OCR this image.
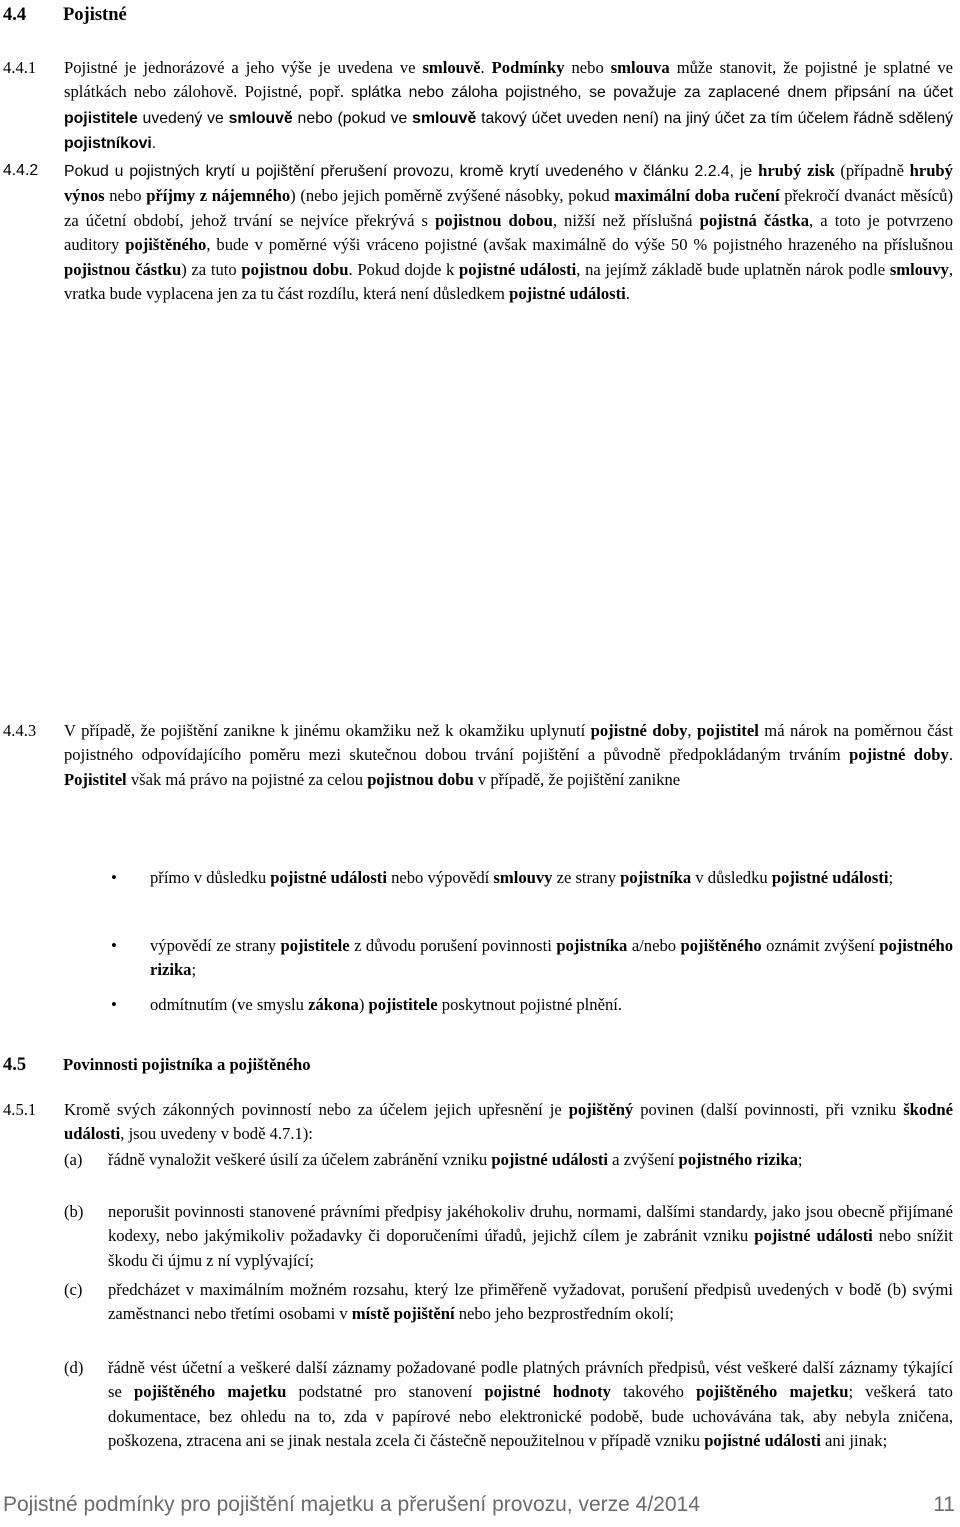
4.4 Pojistné
4.4.1 Pojistné je jednorázové a jeho výše je uvedena ve smlouvě. Podmínky nebo smlouva může stanovit, že pojistné je splatné ve splátkách nebo zálohově. Pojistné, popř. splátka nebo záloha pojistného, se považuje za zaplacené dnem připsání na účet pojistitele uvedený ve smlouvě nebo (pokud ve smlouvě takový účet uveden není) na jiný účet za tím účelem řádně sdělený pojistníkovi.
4.4.2 Pokud u pojistných krytí u pojištění přerušení provozu, kromě krytí uvedeného v článku 2.2.4, je hrubý zisk (případně hrubý výnos nebo příjmy z nájemného) (nebo jejich poměrně zvýšené násobky, pokud maximální doba ručení překročí dvanáct měsíců) za účetní období, jehož trvání se nejvíce překrývá s pojistnou dobou, nižší než příslušná pojistná částka, a toto je potvrzeno auditory pojištěného, bude v poměrné výši vráceno pojistné (avšak maximálně do výše 50 % pojistného hrazeného na příslušnou pojistnou částku) za tuto pojistnou dobu. Pokud dojde k pojistné události, na jejímž základě bude uplatněn nárok podle smlouvy, vratka bude vyplacena jen za tu část rozdílu, která není důsledkem pojistné události.
4.4.3 V případě, že pojištění zanikne k jinému okamžiku než k okamžiku uplynutí pojistné doby, pojistitel má nárok na poměrnou část pojistného odpovídajícího poměru mezi skutečnou dobou trvání pojištění a původně předpokládaným trváním pojistné doby. Pojistitel však má právo na pojistné za celou pojistnou dobu v případě, že pojištění zanikne
• přímo v důsledku pojistné události nebo výpovědí smlouvy ze strany pojistníka v důsledku pojistné události;
• výpovědí ze strany pojistitele z důvodu porušení povinnosti pojistníka a/nebo pojištěného oznámit zvýšení pojistného rizika;
• odmítnutím (ve smyslu zákona) pojistitele poskytnout pojistné plnění.
4.5 Povinnosti pojistníka a pojištěného
4.5.1 Kromě svých zákonných povinností nebo za účelem jejich upřesnění je pojištěný povinen (další povinnosti, při vzniku škodné události, jsou uvedeny v bodě 4.7.1):
(a) řádně vynaložit veškeré úsilí za účelem zabránění vzniku pojistné události a zvýšení pojistného rizika;
(b) neporušit povinnosti stanovené právními předpisy jakéhokoliv druhu, normami, dalšími standardy, jako jsou obecně přijímané kodexy, nebo jakýmikoliv požadavky či doporučeními úřadů, jejichž cílem je zabránit vzniku pojistné události nebo snížit škodu či újmu z ní vyplývající;
(c) předcházet v maximálním možném rozsahu, který lze přiměřeně vyžadovat, porušení předpisů uvedených v bodě (b) svými zaměstnanci nebo třetími osobami v místě pojištění nebo jeho bezprostředním okolí;
(d) řádně vést účetní a veškeré další záznamy požadované podle platných právních předpisů, vést veškeré další záznamy týkající se pojištěného majetku podstatné pro stanovení pojistné hodnoty takového pojištěného majetku; veškerá tato dokumentace, bez ohledu na to, zda v papírové nebo elektronické podobě, bude uchovávána tak, aby nebyla zničena, poškozena, ztracena ani se jinak nestala zcela či částečně nepoužitelnou v případě vzniku pojistné události ani jinak;
Pojistné podmínky pro pojištění majetku a přerušení provozu, verze 4/2014	11
